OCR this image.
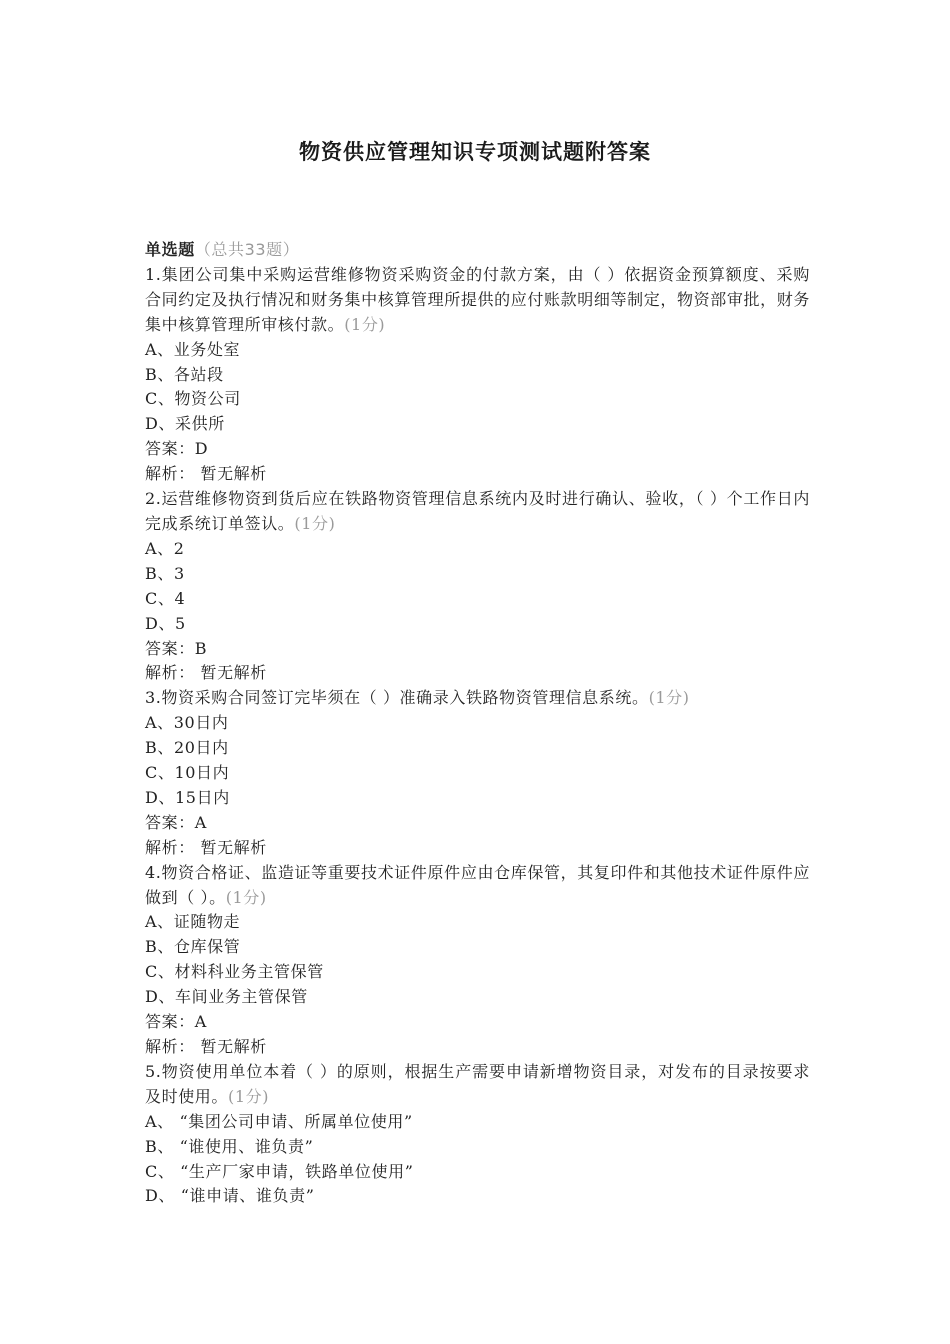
物资供应管理知识专项测试题附答案
单选题（总共33题）
1.集团公司集中采购运营维修物资采购资金的付款方案，由（ ）依据资金预算额度、采购合同约定及执行情况和财务集中核算管理所提供的应付账款明细等制定，物资部审批，财务集中核算管理所审核付款。(1分)
A、业务处室
B、各站段
C、物资公司
D、采供所
答案：D
解析： 暂无解析
2.运营维修物资到货后应在铁路物资管理信息系统内及时进行确认、验收，（ ）个工作日内完成系统订单签认。(1分)
A、2
B、3
C、4
D、5
答案：B
解析： 暂无解析
3.物资采购合同签订完毕须在（ ）准确录入铁路物资管理信息系统。(1分)
A、30日内
B、20日内
C、10日内
D、15日内
答案：A
解析： 暂无解析
4.物资合格证、监造证等重要技术证件原件应由仓库保管，其复印件和其他技术证件原件应做到（ ）。(1分)
A、证随物走
B、仓库保管
C、材料科业务主管保管
D、车间业务主管保管
答案：A
解析： 暂无解析
5.物资使用单位本着（ ）的原则，根据生产需要申请新增物资目录，对发布的目录按要求及时使用。(1分)
A、 “集团公司申请、所属单位使用”
B、 “谁使用、谁负责”
C、 “生产厂家申请，铁路单位使用”
D、 “谁申请、谁负责”
